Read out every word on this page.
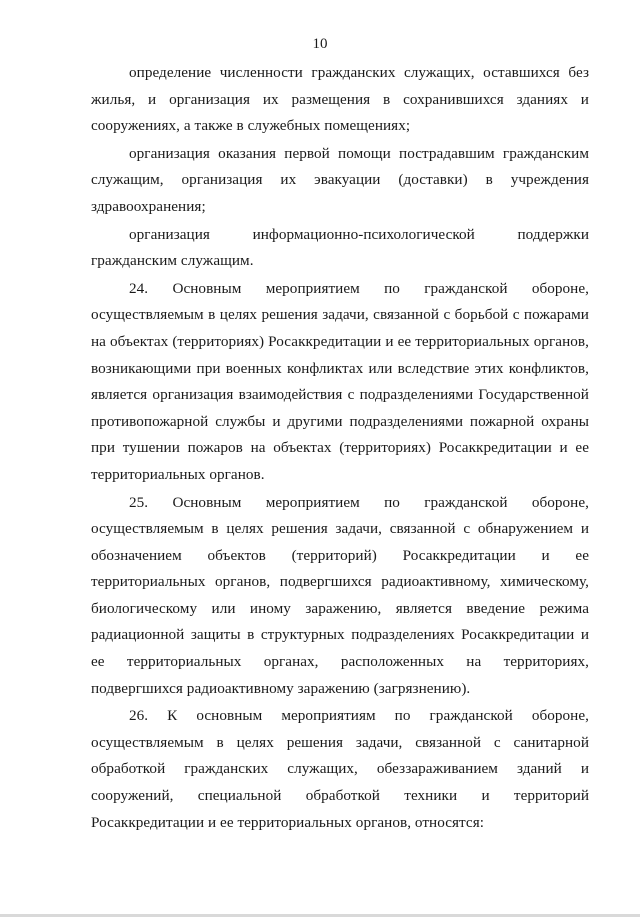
10

определение численности гражданских служащих, оставшихся без жилья, и организация их размещения в сохранившихся зданиях и сооружениях, а также в служебных помещениях;

организация оказания первой помощи пострадавшим гражданским служащим, организация их эвакуации (доставки) в учреждения здравоохранения;

организация информационно-психологической поддержки гражданским служащим.

24. Основным мероприятием по гражданской обороне, осуществляемым в целях решения задачи, связанной с борьбой с пожарами на объектах (территориях) Росаккредитации и ее территориальных органов, возникающими при военных конфликтах или вследствие этих конфликтов, является организация взаимодействия с подразделениями Государственной противопожарной службы и другими подразделениями пожарной охраны при тушении пожаров на объектах (территориях) Росаккредитации и ее территориальных органов.

25. Основным мероприятием по гражданской обороне, осуществляемым в целях решения задачи, связанной с обнаружением и обозначением объектов (территорий) Росаккредитации и ее территориальных органов, подвергшихся радиоактивному, химическому, биологическому или иному заражению, является введение режима радиационной защиты в структурных подразделениях Росаккредитации и ее территориальных органах, расположенных на территориях, подвергшихся радиоактивному заражению (загрязнению).

26. К основным мероприятиям по гражданской обороне, осуществляемым в целях решения задачи, связанной с санитарной обработкой гражданских служащих, обеззараживанием зданий и сооружений, специальной обработкой техники и территорий Росаккредитации и ее территориальных органов, относятся:
